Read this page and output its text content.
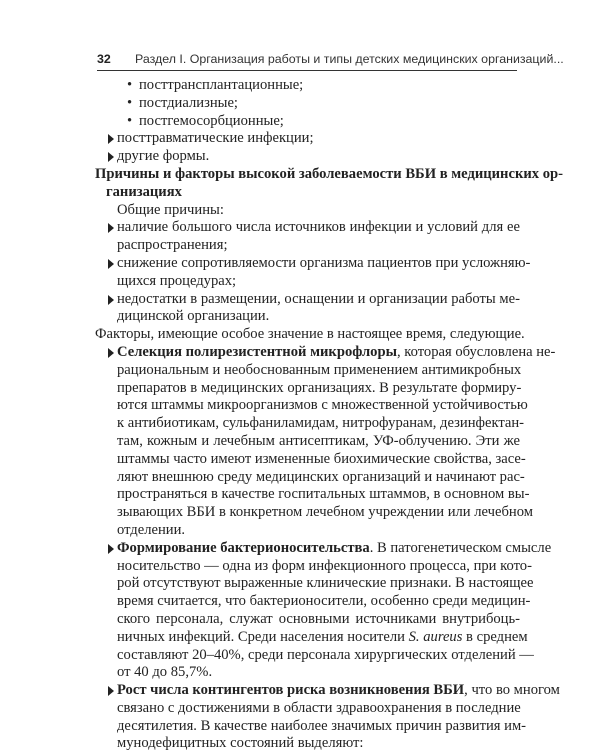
32 Раздел I. Организация работы и типы детских медицинских организаций...
• посттрансплантационные;
• постдиализные;
• постгемосорбционные;
посттравматические инфекции;
другие формы.
Причины и факторы высокой заболеваемости ВБИ в медицинских ор-
ганизациях
Общие причины:
наличие большого числа источников инфекции и условий для ее
распространения;
снижение сопротивляемости организма пациентов при усложняю-
щихся процедурах;
недостатки в размещении, оснащении и организации работы ме-
дицинской организации.
Факторы, имеющие особое значение в настоящее время, следующие.
Селекция полирезистентной микрофлоры, которая обусловлена не-
рациональным и необоснованным применением антимикробных
препаратов в медицинских организациях. В результате формиру-
ются штаммы микроорганизмов с множественной устойчивостью
к антибиотикам, сульфаниламидам, нитрофуранам, дезинфектан-
там, кожным и лечебным антисептикам, УФ-облучению. Эти же
штаммы часто имеют измененные биохимические свойства, засе-
ляют внешнюю среду медицинских организаций и начинают рас-
пространяться в качестве госпитальных штаммов, в основном вы-
зывающих ВБИ в конкретном лечебном учреждении или лечебном
отделении.
Формирование бактерионосительства. В патогенетическом смысле
носительство — одна из форм инфекционного процесса, при кото-
рой отсутствуют выраженные клинические признаки. В настоящее
время считается, что бактерионосители, особенно среди медицин-
ского персонала, служат основными источниками внутрибоць-
ничных инфекций. Среди населения носители S. aureus в среднем
составляют 20–40%, среди персонала хирургических отделений —
от 40 до 85,7%.
Рост числа контингентов риска возникновения ВБИ, что во многом
связано с достижениями в области здравоохранения в последние
десятилетия. В качестве наиболее значимых причин развития им-
мунодефицитных состояний выделяют:
